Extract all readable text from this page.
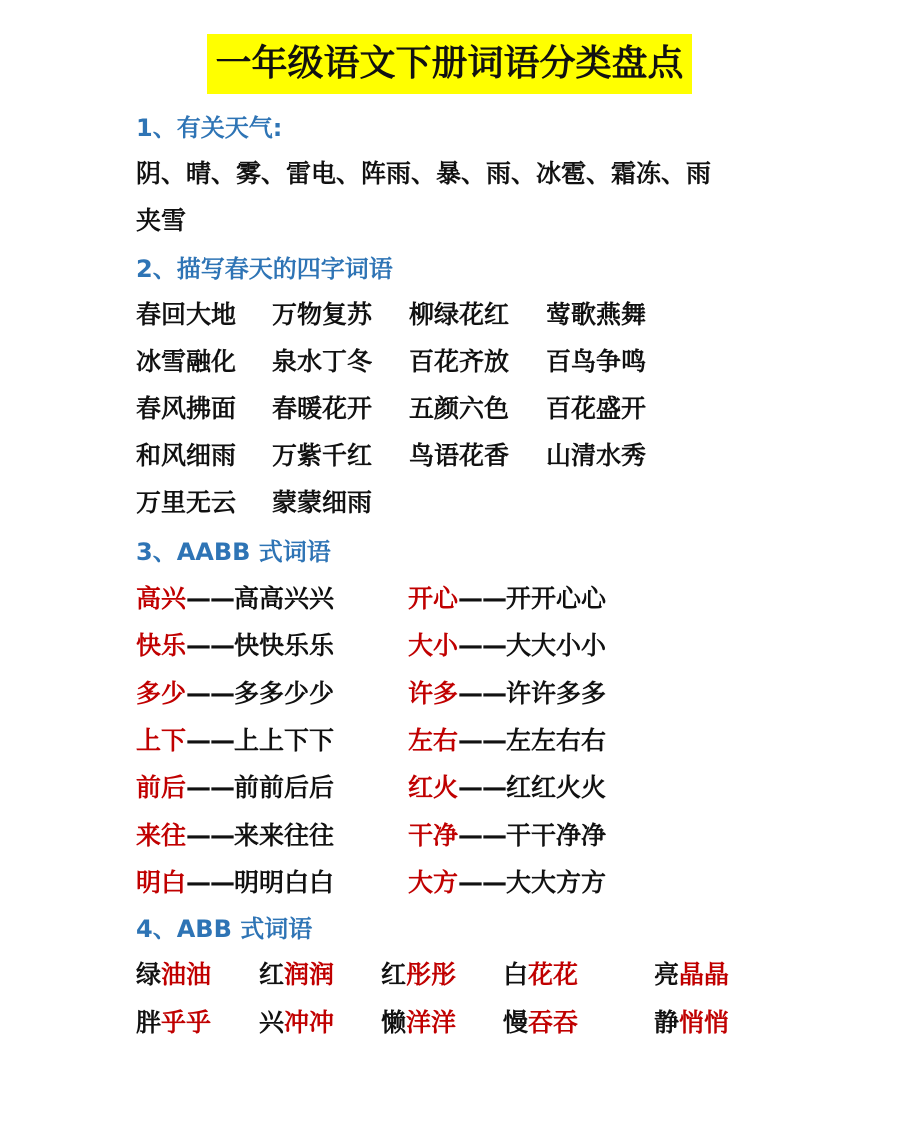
一年级语文下册词语分类盘点
1、有关天气:
阴、晴、雾、雷电、阵雨、暴、雨、冰雹、霜冻、雨
夹雪
2、描写春天的四字词语
春回大地 万物复苏 柳绿花红 莺歌燕舞
冰雪融化 泉水丁冬 百花齐放 百鸟争鸣
春风拂面 春暖花开 五颜六色 百花盛开
和风细雨 万紫千红 鸟语花香 山清水秀
万里无云 蒙蒙细雨
3、AABB 式词语
高兴——高高兴兴	开心——开开心心
快乐——快快乐乐	大小——大大小小
多少——多多少少	许多——许许多多
上下——上上下下	左右——左左右右
前后——前前后后	红火——红红火火
来往——来来往往	干净——干干净净
明白——明明白白	大方——大大方方
4、ABB 式词语
绿油油 红润润 红彤彤 白花花	亮晶晶
胖乎乎 兴冲冲 懒洋洋 慢吞吞	静悄悄
